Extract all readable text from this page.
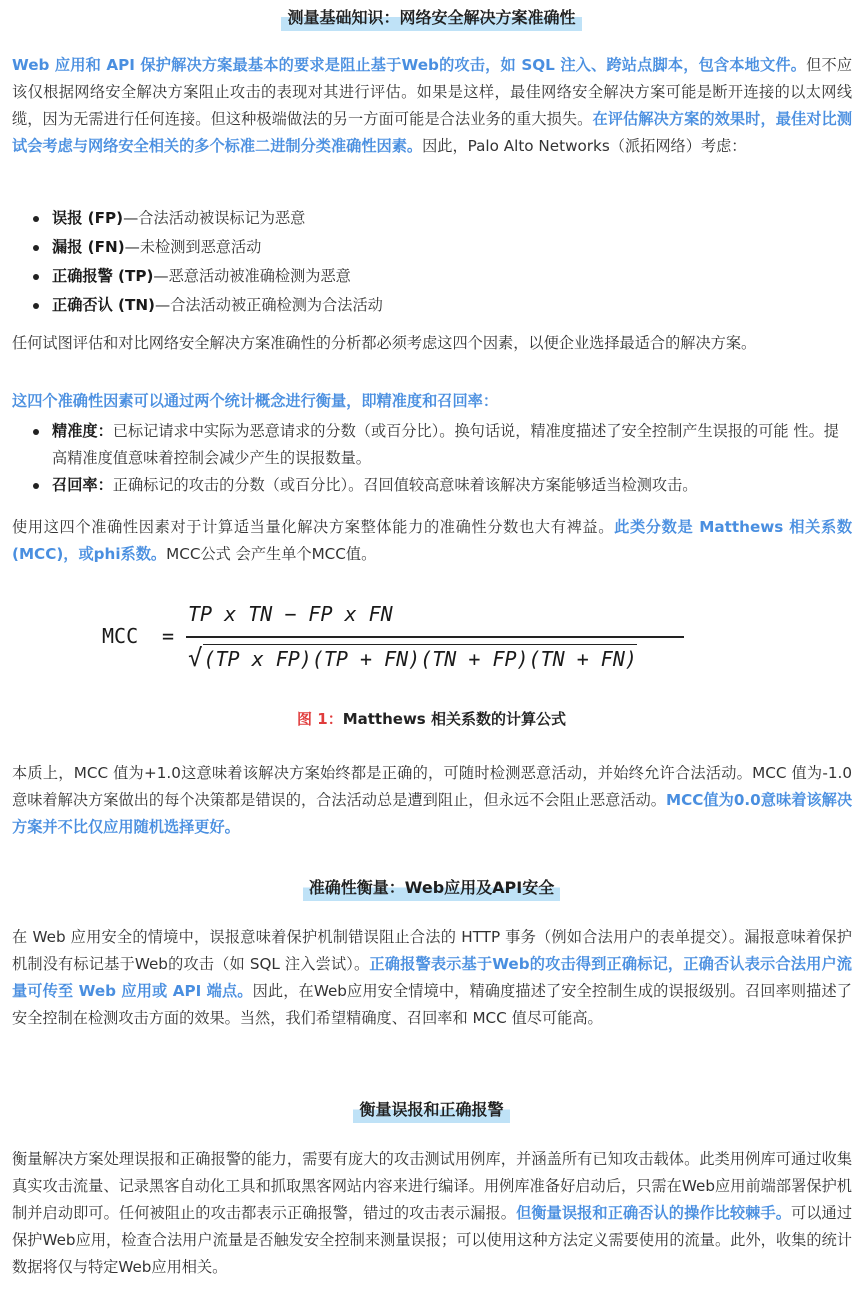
测量基础知识：网络安全解决方案准确性

Web 应用和 API 保护解决方案最基本的要求是阻止基于Web的攻击，如 SQL 注入、跨站点脚本，包含本地文件。但不应该仅根据网络安全解决方案阻止攻击的表现对其进行评估。如果是这样，最佳网络安全解决方案可能是断开连接的以太网线缆，因为无需进行任何连接。但这种极端做法的另一方面可能是合法业务的重大损失。在评估解决方案的效果时，最佳对比测试会考虑与网络安全相关的多个标准二进制分类准确性因素。因此，Palo Alto Networks（派拓网络）考虑：

误报 (FP)—合法活动被误标记为恶意
漏报 (FN)—未检测到恶意活动
正确报警 (TP)—恶意活动被准确检测为恶意
正确否认 (TN)—合法活动被正确检测为合法活动

任何试图评估和对比网络安全解决方案准确性的分析都必须考虑这四个因素，以便企业选择最适合的解决方案。

这四个准确性因素可以通过两个统计概念进行衡量，即精准度和召回率：

精准度：已标记请求中实际为恶意请求的分数（或百分比）。换句话说，精准度描述了安全控制产生误报的可能 性。提高精准度值意味着控制会减少产生的误报数量。
召回率：正确标记的攻击的分数（或百分比）。召回值较高意味着该解决方案能够适当检测攻击。

使用这四个准确性因素对于计算适当量化解决方案整体能力的准确性分数也大有裨益。此类分数是 Matthews 相关系数(MCC)，或phi系数。MCC公式 会产生单个MCC值。

MCC =
TP x TN − FP x FN
√(TP x FP)(TP + FN)(TN + FP)(TN + FN)
图 1：Matthews 相关系数的计算公式

本质上，MCC 值为+1.0这意味着该解决方案始终都是正确的，可随时检测恶意活动，并始终允许合法活动。MCC 值为-1.0意味着解决方案做出的每个决策都是错误的，合法活动总是遭到阻止，但永远不会阻止恶意活动。MCC值为0.0意味着该解决方案并不比仅应用随机选择更好。

准确性衡量：Web应用及API安全

在 Web 应用安全的情境中，误报意味着保护机制错误阻止合法的 HTTP 事务（例如合法用户的表单提交）。漏报意味着保护机制没有标记基于Web的攻击（如 SQL 注入尝试）。正确报警表示基于Web的攻击得到正确标记，正确否认表示合法用户流量可传至 Web 应用或 API 端点。因此，在Web应用安全情境中，精确度描述了安全控制生成的误报级别。召回率则描述了安全控制在检测攻击方面的效果。当然，我们希望精确度、召回率和 MCC 值尽可能高。

衡量误报和正确报警

衡量解决方案处理误报和正确报警的能力，需要有庞大的攻击测试用例库，并涵盖所有已知攻击载体。此类用例库可通过收集真实攻击流量、记录黑客自动化工具和抓取黑客网站内容来进行编译。用例库准备好启动后，只需在Web应用前端部署保护机制并启动即可。任何被阻止的攻击都表示正确报警，错过的攻击表示漏报。但衡量误报和正确否认的操作比较棘手。可以通过保护Web应用，检查合法用户流量是否触发安全控制来测量误报；可以使用这种方法定义需要使用的流量。此外，收集的统计数据将仅与特定Web应用相关。
